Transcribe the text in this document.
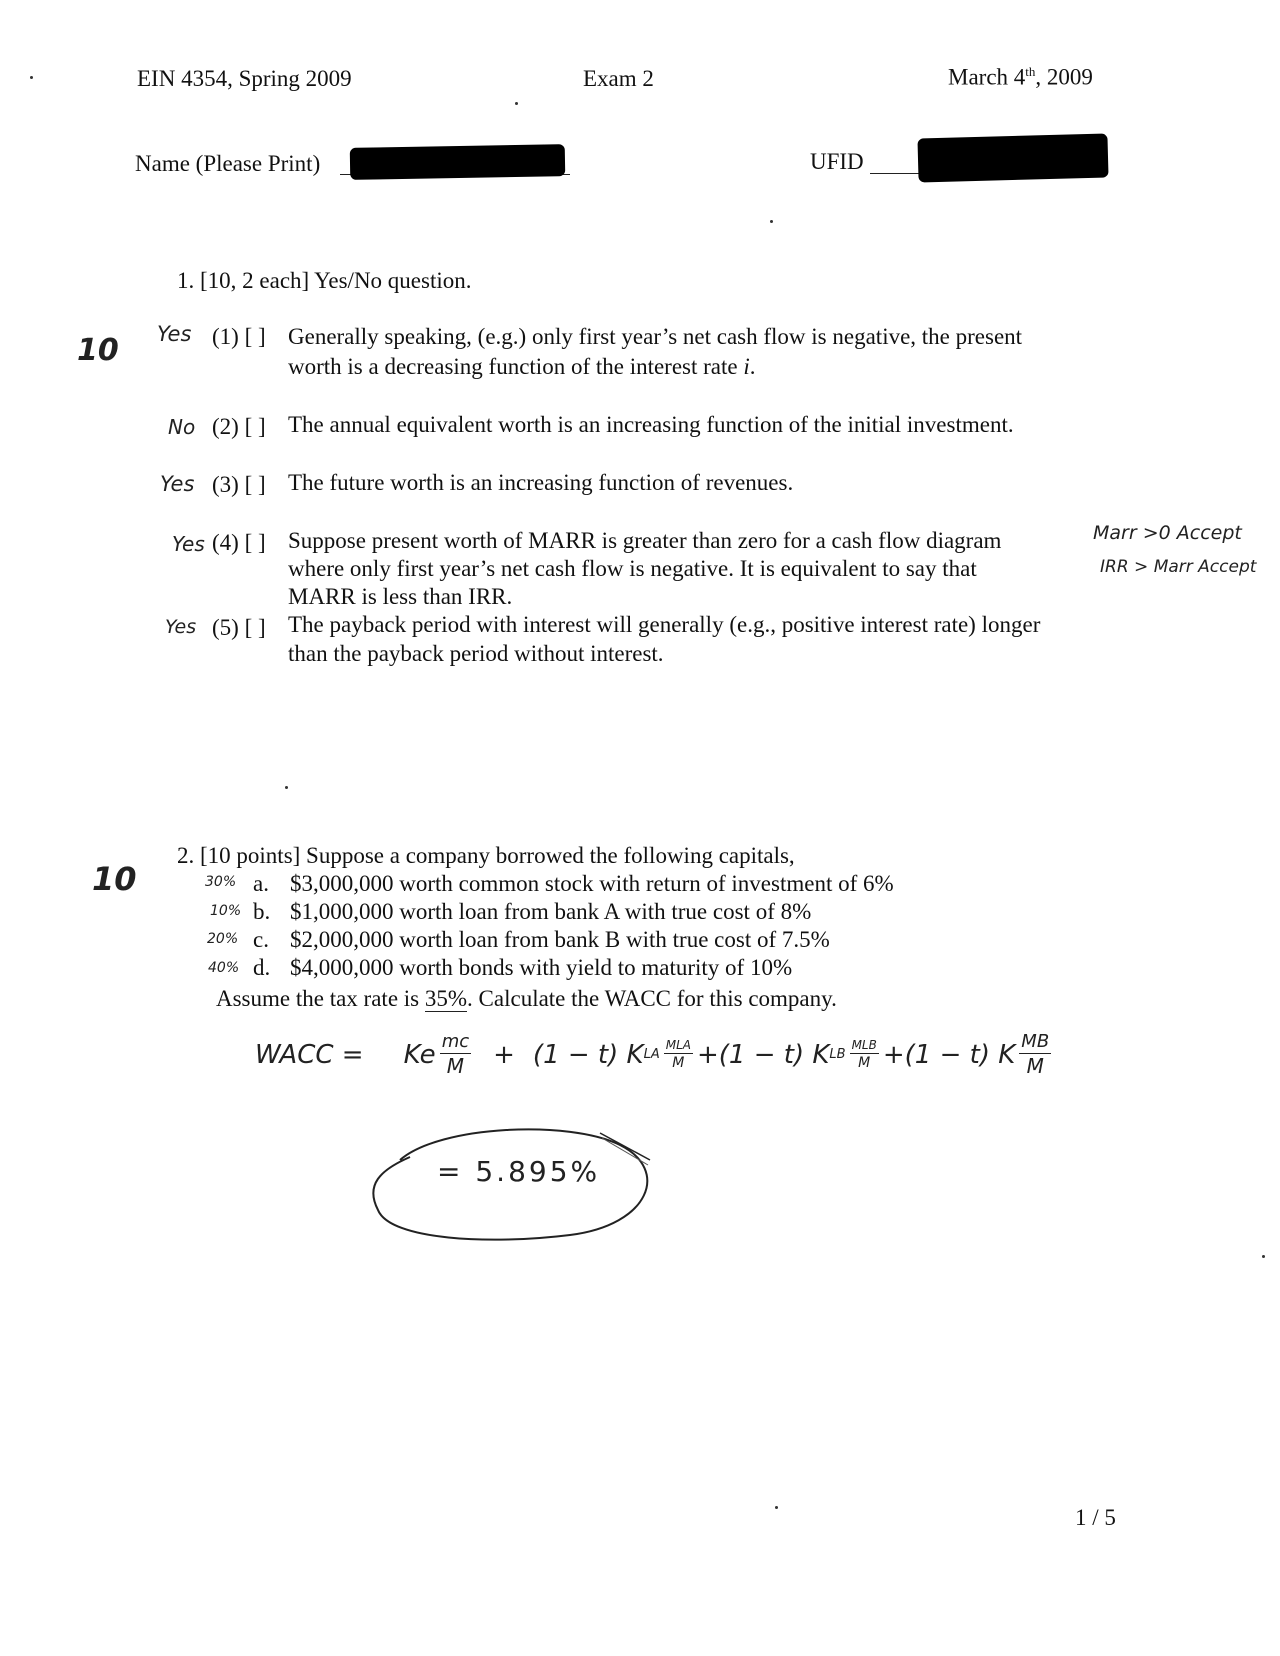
EIN 4354, Spring 2009	Exam 2	March 4th, 2009
Name (Please Print)	UFID
10
1. [10, 2 each] Yes/No question.
Yes (1) [ ] Generally speaking, (e.g.) only first year’s net cash flow is negative, the present
worth is a decreasing function of the interest rate i.
No (2) [ ] The annual equivalent worth is an increasing function of the initial investment.
Yes (3) [ ] The future worth is an increasing function of revenues.
Yes (4) [ ] Suppose present worth of MARR is greater than zero for a cash flow diagram
where only first year’s net cash flow is negative. It is equivalent to say that
MARR is less than IRR.
Marr >0 Accept
IRR > Marr Accept
Yes (5) [ ] The payback period with interest will generally (e.g., positive interest rate) longer
than the payback period without interest.
10
2. [10 points] Suppose a company borrowed the following capitals,
30% a. $3,000,000 worth common stock with return of investment of 6%
10% b. $1,000,000 worth loan from bank A with true cost of 8%
20% c. $2,000,000 worth loan from bank B with true cost of 7.5%
40% d. $4,000,000 worth bonds with yield to maturity of 10%
Assume the tax rate is 35%. Calculate the WACC for this company.
WACC = Ke $\frac{mc}{M} + (1 - t)$ K LA $\frac{\text{MLA}}{M} +(1 - t)$ K LB $\frac{\text{MLB}}{M} +(1 - t)$ K $\frac{MB}{M}$
= 5.895%
1 / 5
